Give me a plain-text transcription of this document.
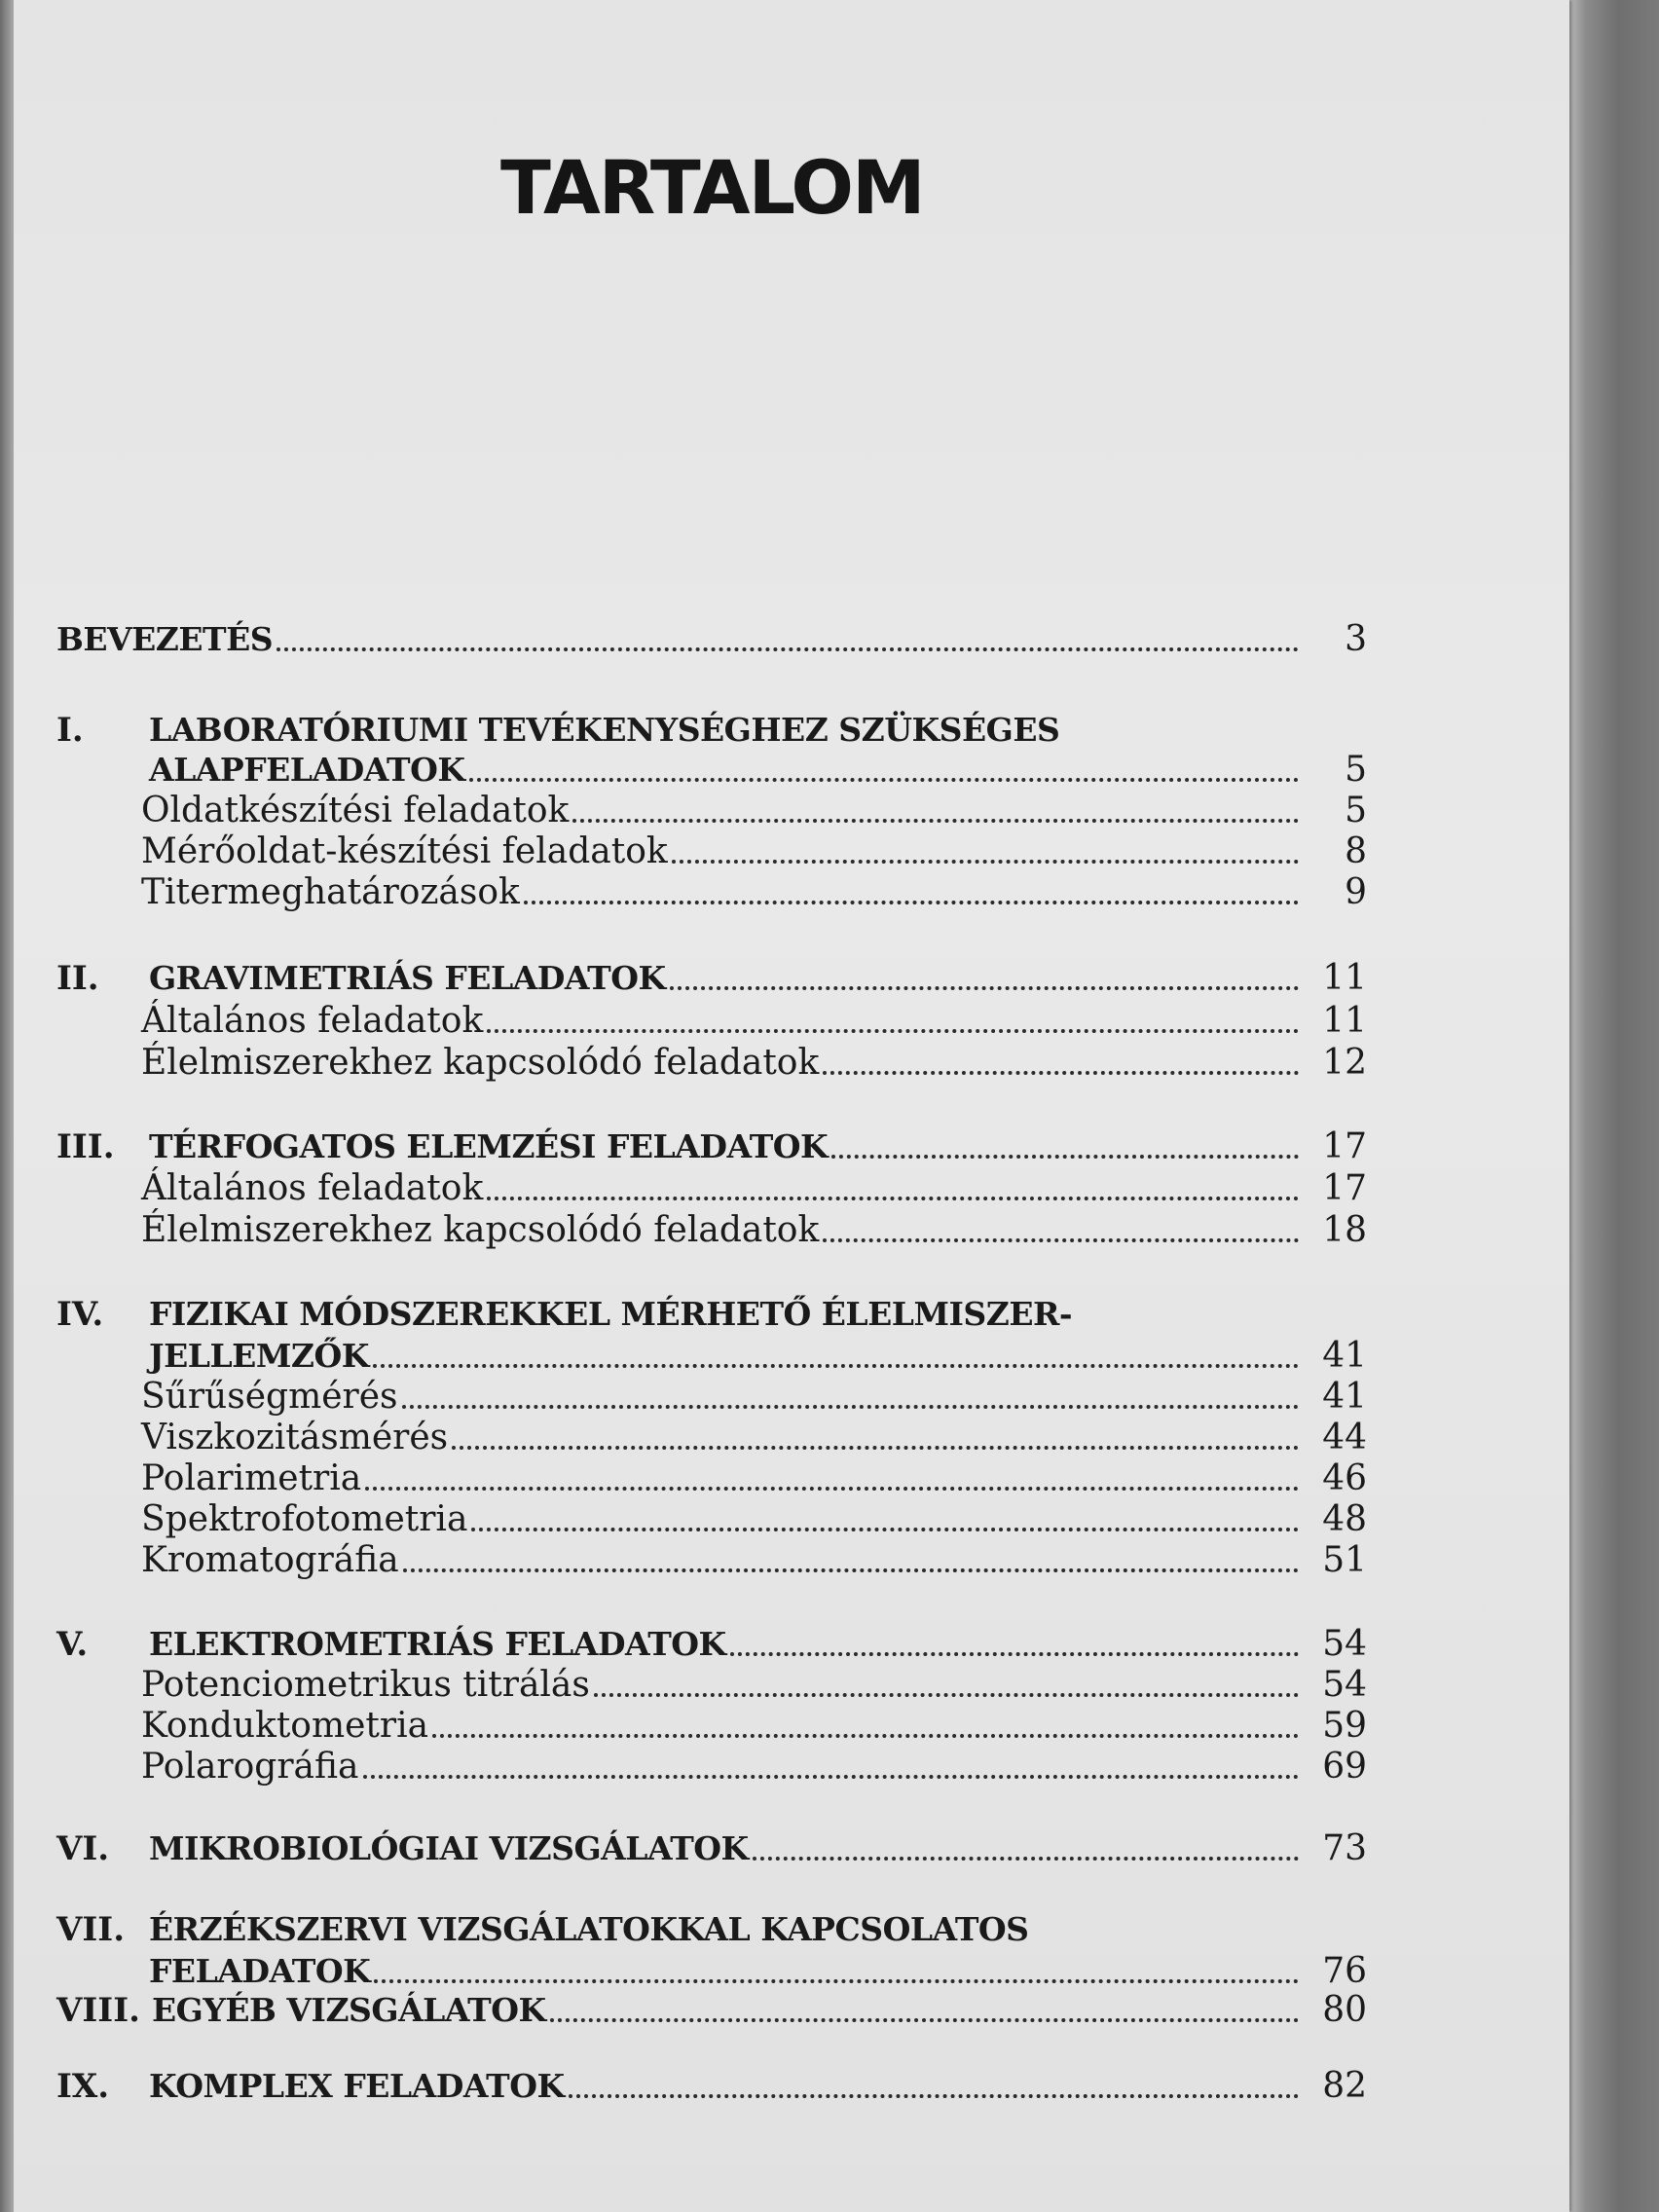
TARTALOM
BEVEZETÉS	3
I.	LABORATÓRIUMI TEVÉKENYSÉGHEZ SZÜKSÉGES
ALAPFELADATOK	5
Oldatkészítési feladatok	5
Mérőoldat-készítési feladatok	8
Titermeghatározások	9
II.	GRAVIMETRIÁS FELADATOK	11
Általános feladatok	11
Élelmiszerekhez kapcsolódó feladatok	12
III.	TÉRFOGATOS ELEMZÉSI FELADATOK	17
Általános feladatok	17
Élelmiszerekhez kapcsolódó feladatok	18
IV.	FIZIKAI MÓDSZEREKKEL MÉRHETŐ ÉLELMISZER-
JELLEMZŐK	41
Sűrűségmérés	41
Viszkozitásmérés	44
Polarimetria	46
Spektrofotometria	48
Kromatográfia	51
V.	ELEKTROMETRIÁS FELADATOK	54
Potenciometrikus titrálás	54
Konduktometria	59
Polarográfia	69
VI.	MIKROBIOLÓGIAI VIZSGÁLATOK	73
VII. ÉRZÉKSZERVI VIZSGÁLATOKKAL KAPCSOLATOS
FELADATOK	76
VIII. EGYÉB VIZSGÁLATOK	80
IX.	KOMPLEX FELADATOK	82
